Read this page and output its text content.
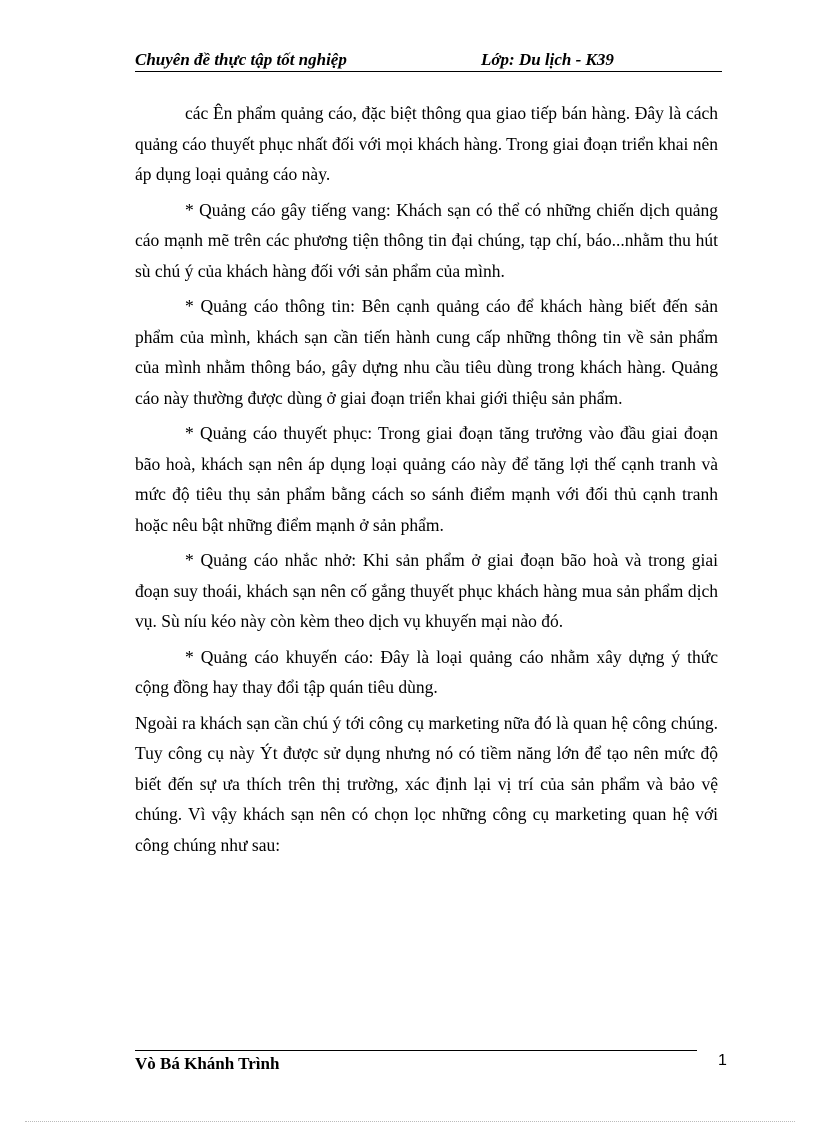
Chuyên đề thực tập tốt nghiệp	Lớp: Du lịch - K39

các Ên phẩm quảng cáo, đặc biệt thông qua giao tiếp bán hàng. Đây là cách quảng cáo thuyết phục nhất đối với mọi khách hàng. Trong giai đoạn triển khai nên áp dụng loại quảng cáo này.

* Quảng cáo gây tiếng vang: Khách sạn có thể có những chiến dịch quảng cáo mạnh mẽ trên các phương tiện thông tin đại chúng, tạp chí, báo...nhằm thu hút sù chú ý của khách hàng đối với sản phẩm của mình.

* Quảng cáo thông tin: Bên cạnh quảng cáo để khách hàng biết đến sản phẩm của mình, khách sạn cần tiến hành cung cấp những thông tin về sản phẩm của mình nhằm thông báo, gây dựng nhu cầu tiêu dùng trong khách hàng. Quảng cáo này thường được dùng ở giai đoạn triển khai giới thiệu sản phẩm.

* Quảng cáo thuyết phục: Trong giai đoạn tăng trưởng vào đầu giai đoạn bão hoà, khách sạn nên áp dụng loại quảng cáo này để tăng lợi thế cạnh tranh và mức độ tiêu thụ sản phẩm bằng cách so sánh điểm mạnh với đối thủ cạnh tranh hoặc nêu bật những điểm mạnh ở sản phẩm.

* Quảng cáo nhắc nhở: Khi sản phẩm ở giai đoạn bão hoà và trong giai đoạn suy thoái, khách sạn nên cố gắng thuyết phục khách hàng mua sản phẩm dịch vụ. Sù níu kéo này còn kèm theo dịch vụ khuyến mại nào đó.

* Quảng cáo khuyến cáo: Đây là loại quảng cáo nhằm xây dựng ý thức cộng đồng hay thay đổi tập quán tiêu dùng.

Ngoài ra khách sạn cần chú ý tới công cụ marketing nữa đó là quan hệ công chúng. Tuy công cụ này Ýt được sử dụng nhưng nó có tiềm năng lớn để tạo nên mức độ biết đến sự ưa thích trên thị trường, xác định lại vị trí của sản phẩm và bảo vệ chúng. Vì vậy khách sạn nên có chọn lọc những công cụ marketing quan hệ với công chúng như sau:

Vò Bá Khánh Trình	1
